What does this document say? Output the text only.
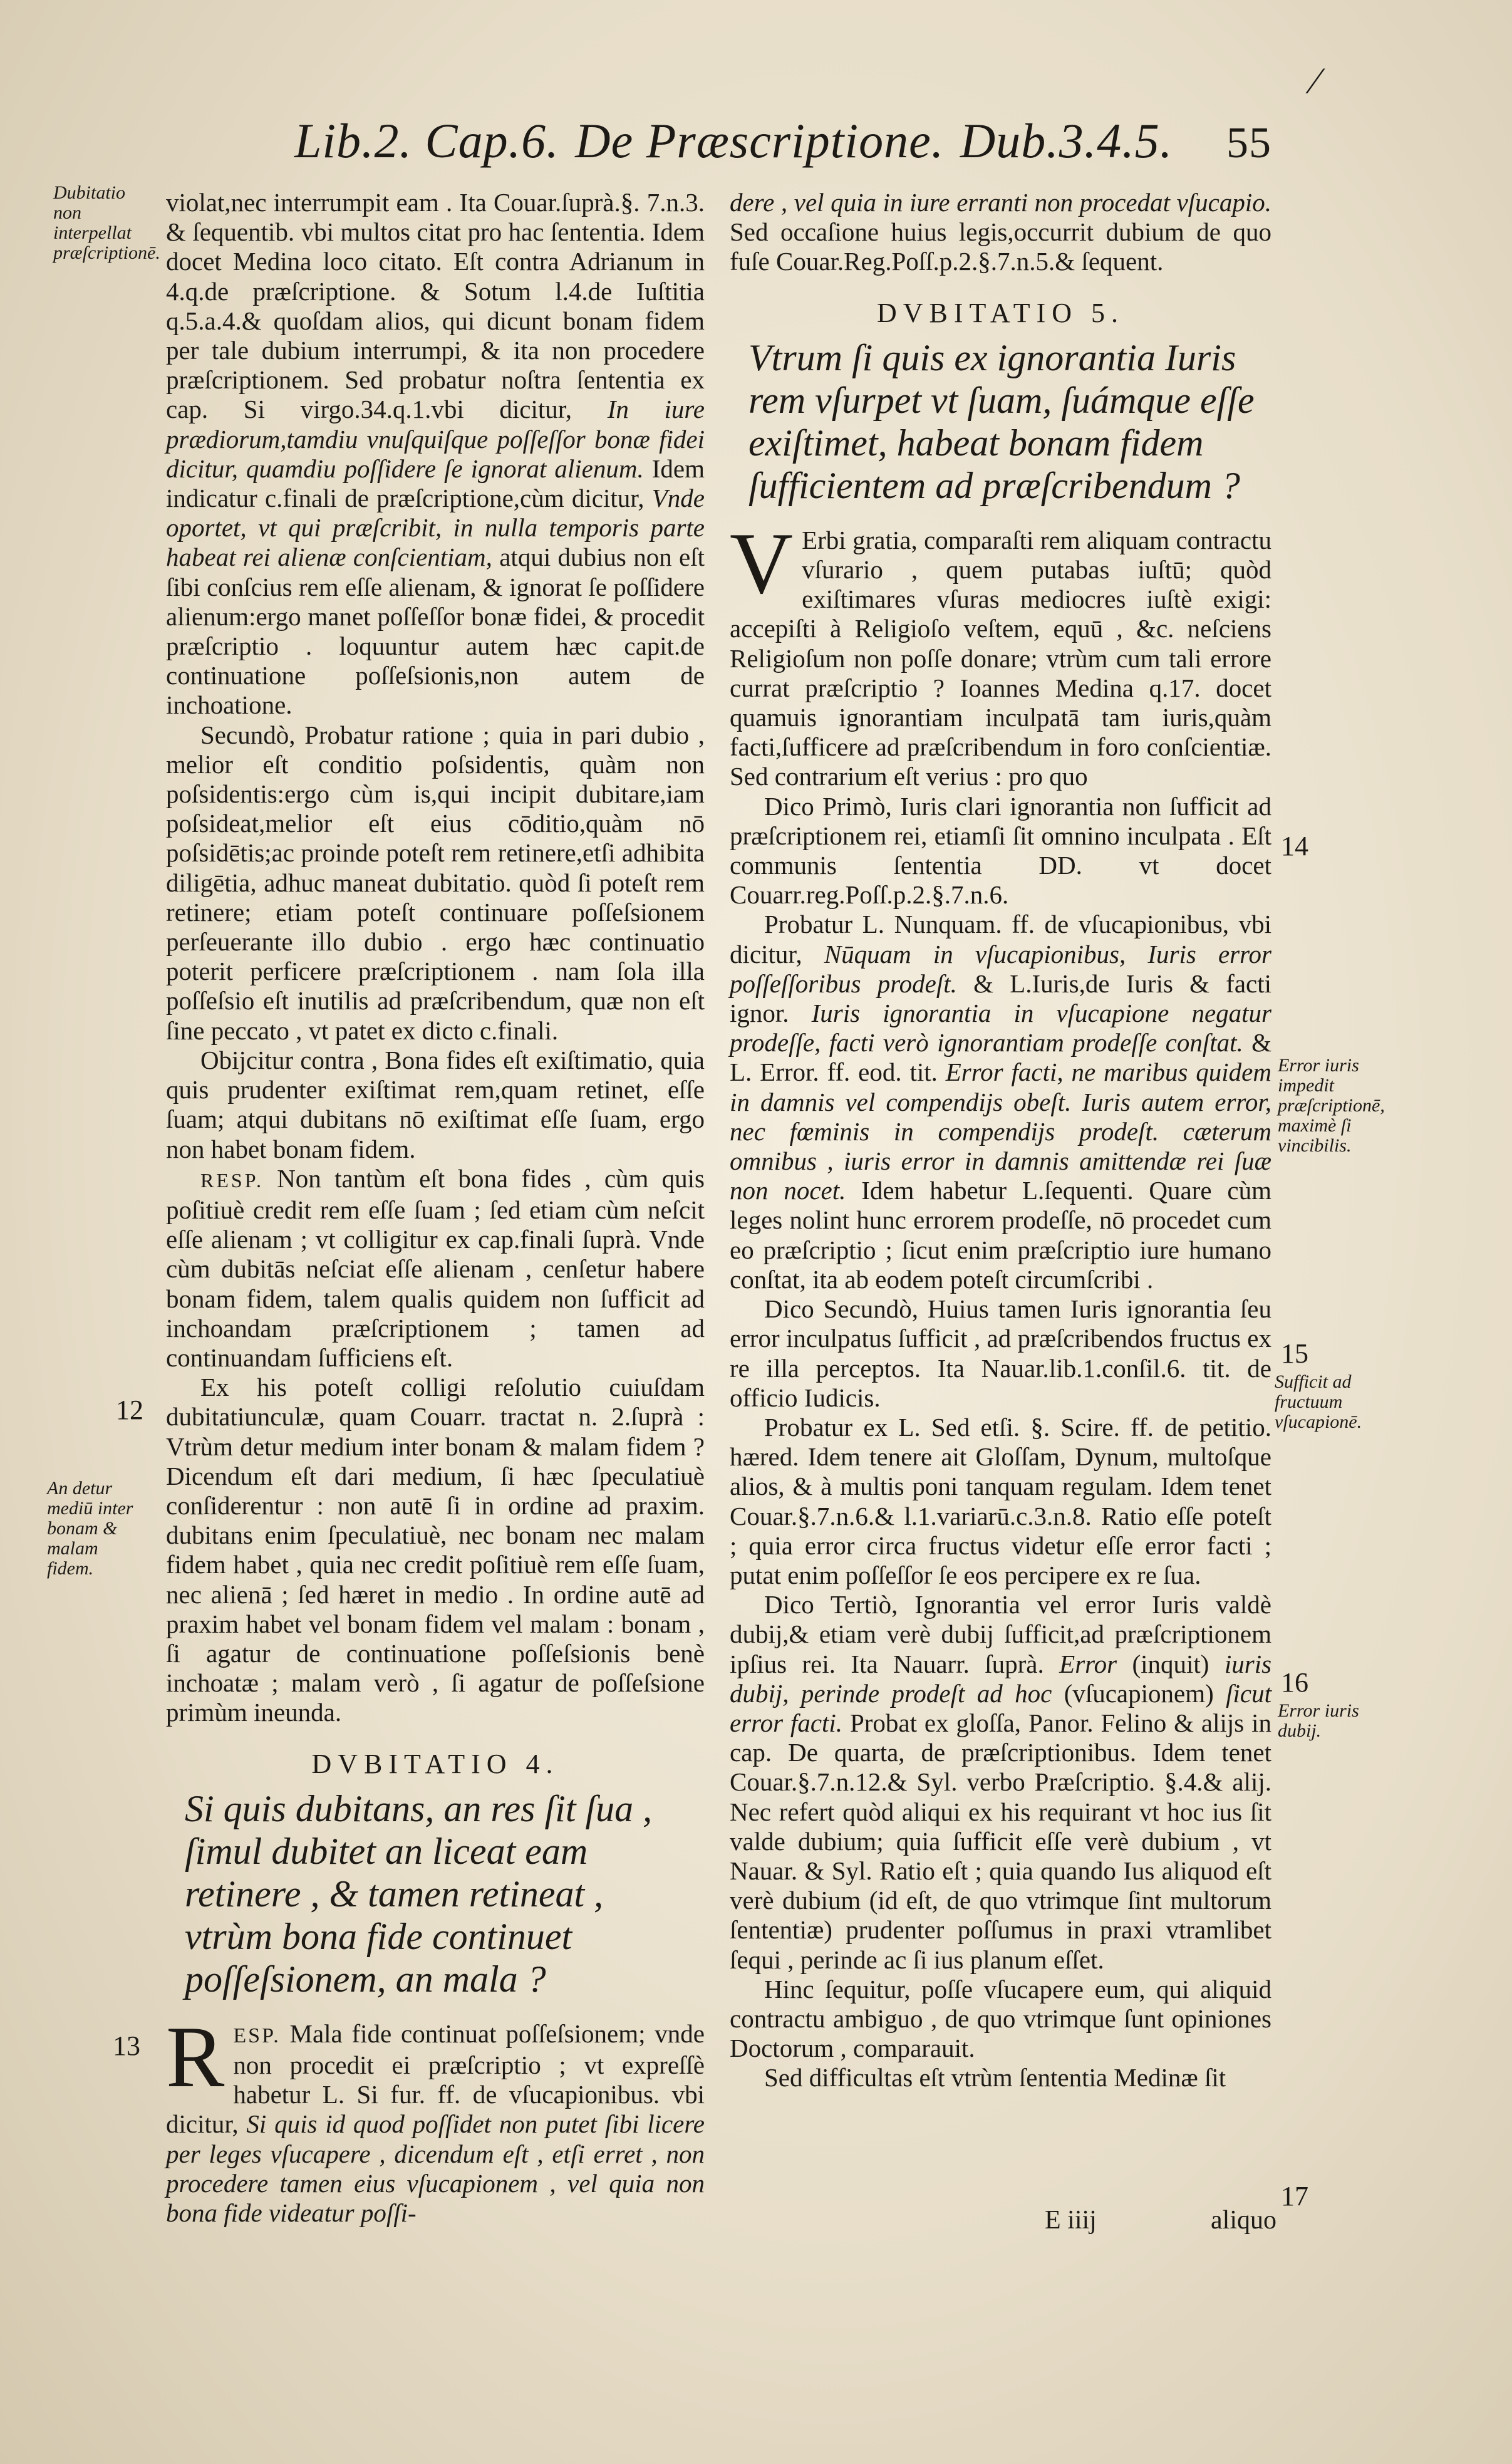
⁄
Lib.2. Cap.6. De Præscriptione. Dub.3.4.5. 55

violat,nec interrumpit eam . Ita Couar.ſuprà.§. 7.n.3. & ſequentib. vbi multos citat pro hac ſententia. Idem docet Medina loco citato. Eſt contra Adrianum in 4.q.de præſcriptione. & Sotum l.4.de Iuſtitia q.5.a.4.& quoſdam alios, qui dicunt bonam fidem per tale dubium interrumpi, & ita non procedere præſcriptionem. Sed probatur noſtra ſententia ex cap. Si virgo.34.q.1.vbi dicitur, In iure prædiorum,tamdiu vnuſquiſque poſſeſſor bonæ fidei dicitur, quamdiu poſſidere ſe ignorat alienum. Idem indicatur c.finali de præſcriptione,cùm dicitur, Vnde oportet, vt qui præſcribit, in nulla temporis parte habeat rei alienæ conſcientiam, atqui dubius non eſt ſibi conſcius rem eſſe alienam, & ignorat ſe poſſidere alienum:ergo manet poſſeſſor bonæ fidei, & procedit præſcriptio . loquuntur autem hæc capit.de continuatione poſſeſsionis,non autem de inchoatione.

Secundò, Probatur ratione ; quia in pari dubio , melior eſt conditio poſsidentis, quàm non poſsidentis:ergo cùm is,qui incipit dubitare,iam poſsideat,melior eſt eius cōditio,quàm nō poſsidētis;ac proinde poteſt rem retinere,etſi adhibita diligētia, adhuc maneat dubitatio. quòd ſi poteſt rem retinere; etiam poteſt continuare poſſeſsionem perſeuerante illo dubio . ergo hæc continuatio poterit perficere præſcriptionem . nam ſola illa poſſeſsio eſt inutilis ad præſcribendum, quæ non eſt ſine peccato , vt patet ex dicto c.finali.

Obijcitur contra , Bona fides eſt exiſtimatio, quia quis prudenter exiſtimat rem,quam retinet, eſſe ſuam; atqui dubitans nō exiſtimat eſſe ſuam, ergo non habet bonam fidem.

RESP. Non tantùm eſt bona fides , cùm quis poſitiuè credit rem eſſe ſuam ; ſed etiam cùm neſcit eſſe alienam ; vt colligitur ex cap.finali ſuprà. Vnde cùm dubitās neſciat eſſe alienam , cenſetur habere bonam fidem, talem qualis quidem non ſufficit ad inchoandam præſcriptionem ; tamen ad continuandam ſufficiens eſt.

Ex his poteſt colligi reſolutio cuiuſdam dubitatiunculæ, quam Couarr. tractat n. 2.ſuprà : Vtrùm detur medium inter bonam & malam fidem ? Dicendum eſt dari medium, ſi hæc ſpeculatiuè conſiderentur : non autē ſi in ordine ad praxim. dubitans enim ſpeculatiuè, nec bonam nec malam fidem habet , quia nec credit poſitiuè rem eſſe ſuam, nec alienā ; ſed hæret in medio . In ordine autē ad praxim habet vel bonam fidem vel malam : bonam , ſi agatur de continuatione poſſeſsionis benè inchoatæ ; malam verò , ſi agatur de poſſeſsione primùm ineunda.

DVBITATIO 4.
Si quis dubitans, an res ſit ſua , ſimul dubitet an liceat eam retinere , & tamen retineat , vtrùm bona fide continuet poſſeſsionem, an mala ?

R ESP. Mala fide continuat poſſeſsionem; vnde non procedit ei præſcriptio ; vt expreſſè habetur L. Si fur. ff. de vſucapionibus. vbi dicitur, Si quis id quod poſſidet non putet ſibi licere per leges vſucapere , dicendum eſt , etſi erret , non procedere tamen eius vſucapionem , vel quia non bona fide videatur poſſi-

dere , vel quia in iure erranti non procedat vſucapio. Sed occaſione huius legis,occurrit dubium de quo fuſe Couar.Reg.Poſſ.p.2.§.7.n.5.& ſequent.

DVBITATIO 5.
Vtrum ſi quis ex ignorantia Iuris rem vſurpet vt ſuam, ſuámque eſſe exiſtimet, habeat bonam fidem ſufficientem ad præſcribendum ?

V Erbi gratia, comparaſti rem aliquam contractu vſurario , quem putabas iuſtū; quòd exiſtimares vſuras mediocres iuſtè exigi: accepiſti à Religioſo veſtem, equū , &c. neſciens Religioſum non poſſe donare; vtrùm cum tali errore currat præſcriptio ? Ioannes Medina q.17. docet quamuis ignorantiam inculpatā tam iuris,quàm facti,ſufficere ad præſcribendum in foro conſcientiæ. Sed contrarium eſt verius : pro quo

Dico Primò, Iuris clari ignorantia non ſufficit ad præſcriptionem rei, etiamſi ſit omnino inculpata . Eſt communis ſententia DD. vt docet Couarr.reg.Poſſ.p.2.§.7.n.6.

Probatur L. Nunquam. ff. de vſucapionibus, vbi dicitur, Nūquam in vſucapionibus, Iuris error poſſeſſoribus prodeſt. & L.Iuris,de Iuris & facti ignor. Iuris ignorantia in vſucapione negatur prodeſſe, facti verò ignorantiam prodeſſe conſtat. & L. Error. ff. eod. tit. Error facti, ne maribus quidem in damnis vel compendijs obeſt. Iuris autem error, nec fœminis in compendijs prodeſt. cæterum omnibus , iuris error in damnis amittendæ rei ſuæ non nocet. Idem habetur L.ſequenti. Quare cùm leges nolint hunc errorem prodeſſe, nō procedet cum eo præſcriptio ; ſicut enim præſcriptio iure humano conſtat, ita ab eodem poteſt circumſcribi .

Dico Secundò, Huius tamen Iuris ignorantia ſeu error inculpatus ſufficit , ad præſcribendos fructus ex re illa perceptos. Ita Nauar.lib.1.conſil.6. tit. de officio Iudicis.

Probatur ex L. Sed etſi. §. Scire. ff. de petitio. hæred. Idem tenere ait Gloſſam, Dynum, multoſque alios, & à multis poni tanquam regulam. Idem tenet Couar.§.7.n.6.& l.1.variarū.c.3.n.8. Ratio eſſe poteſt ; quia error circa fructus videtur eſſe error facti ; putat enim poſſeſſor ſe eos percipere ex re ſua.

Dico Tertiò, Ignorantia vel error Iuris valdè dubij,& etiam verè dubij ſufficit,ad præſcriptionem ipſius rei. Ita Nauarr. ſuprà. Error (inquit) iuris dubij, perinde prodeſt ad hoc (vſucapionem) ſicut error facti. Probat ex gloſſa, Panor. Felino & alijs in cap. De quarta, de præſcriptionibus. Idem tenet Couar.§.7.n.12.& Syl. verbo Præſcriptio. §.4.& alij. Nec refert quòd aliqui ex his requirant vt hoc ius ſit valde dubium; quia ſufficit eſſe verè dubium , vt Nauar. & Syl. Ratio eſt ; quia quando Ius aliquod eſt verè dubium (id eſt, de quo vtrimque ſint multorum ſententiæ) prudenter poſſumus in praxi vtramlibet ſequi , perinde ac ſi ius planum eſſet.

Hinc ſequitur, poſſe vſucapere eum, qui aliquid contractu ambiguo , de quo vtrimque ſunt opiniones Doctorum , comparauit.

Sed difficultas eſt vtrùm ſententia Medinæ ſit

Dubitatio non interpellat præſcriptionē.
12
An detur mediū inter bonam & malam fidem.
13
14
Error iuris impedit præſcriptionē, maximè ſi vincibilis.
15
Sufficit ad fructuum vſucapionē.
16
Error iuris dubij.
17
E iiij	aliquo
